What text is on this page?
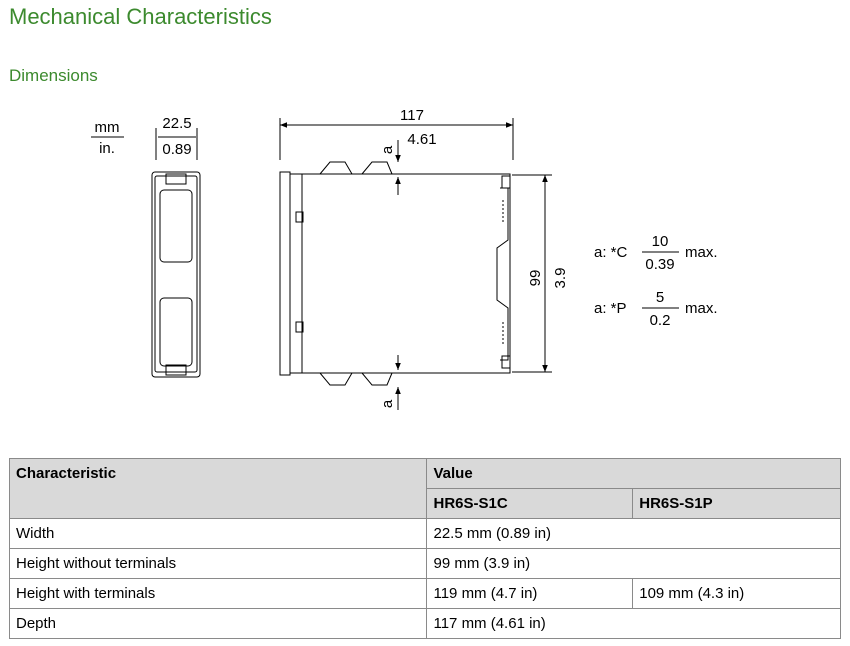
Mechanical Characteristics
Dimensions
mm
in.
22.5
0.89
117
4.61
a
a
99 3.9
a: *C
10
0.39
max.
a: *P
5
0.2
max.
Characteristic	Value	
	HR6S-S1C	HR6S-S1P
Width	22.5 mm (0.89 in)	
Height without terminals	99 mm (3.9 in)	
Height with terminals	119 mm (4.7 in)	109 mm (4.3 in)
Depth	117 mm (4.61 in)	
